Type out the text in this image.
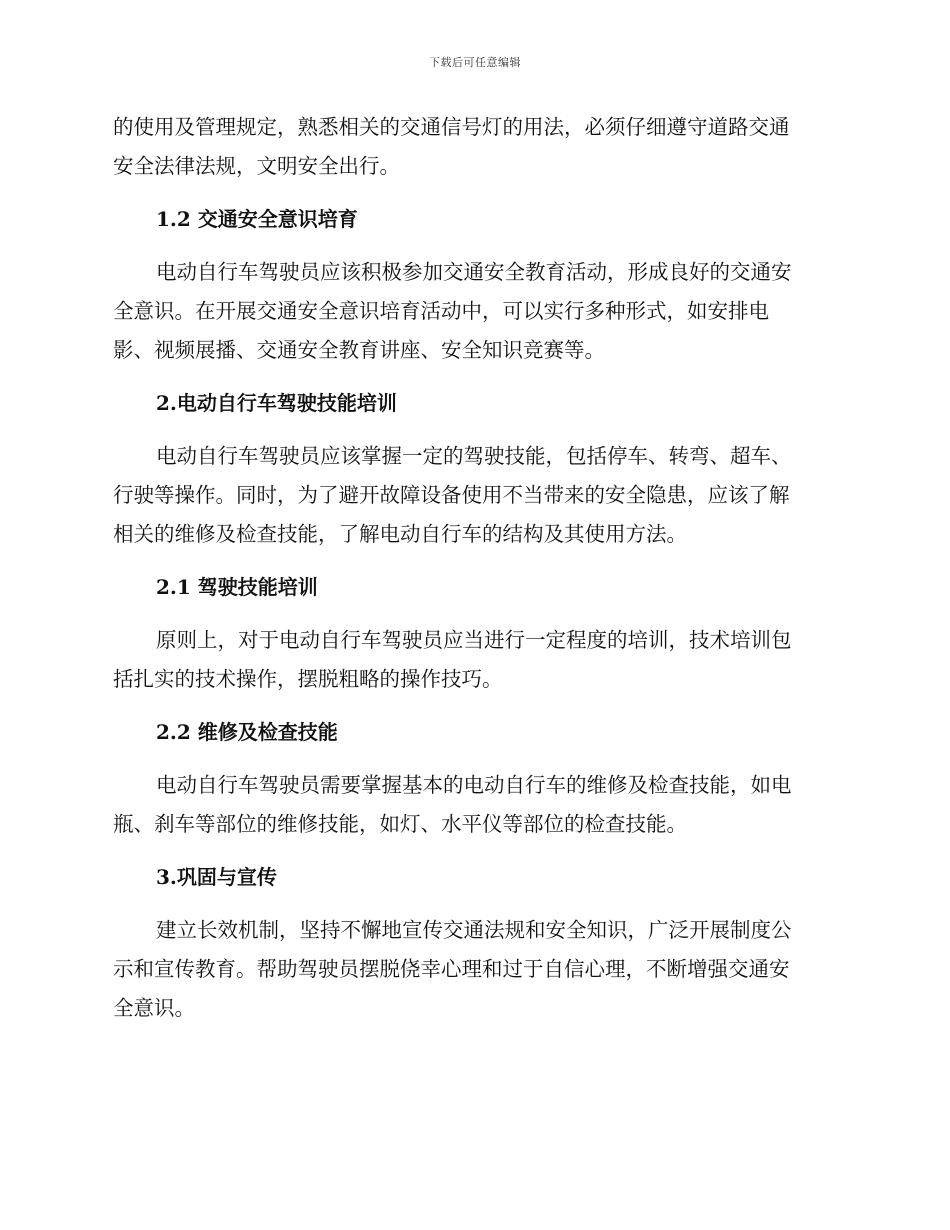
下载后可任意编辑

的使用及管理规定，熟悉相关的交通信号灯的用法，必须仔细遵守道路交通
安全法律法规，文明安全出行。

1.2 交通安全意识培育

电动自行车驾驶员应该积极参加交通安全教育活动，形成良好的交通安
全意识。在开展交通安全意识培育活动中，可以实行多种形式，如安排电
影、视频展播、交通安全教育讲座、安全知识竞赛等。

2.电动自行车驾驶技能培训

电动自行车驾驶员应该掌握一定的驾驶技能，包括停车、转弯、超车、
行驶等操作。同时，为了避开故障设备使用不当带来的安全隐患，应该了解
相关的维修及检查技能，了解电动自行车的结构及其使用方法。

2.1 驾驶技能培训

原则上，对于电动自行车驾驶员应当进行一定程度的培训，技术培训包
括扎实的技术操作，摆脱粗略的操作技巧。

2.2 维修及检查技能

电动自行车驾驶员需要掌握基本的电动自行车的维修及检查技能，如电
瓶、刹车等部位的维修技能，如灯、水平仪等部位的检查技能。

3.巩固与宣传

建立长效机制，坚持不懈地宣传交通法规和安全知识，广泛开展制度公
示和宣传教育。帮助驾驶员摆脱侥幸心理和过于自信心理，不断增强交通安
全意识。
